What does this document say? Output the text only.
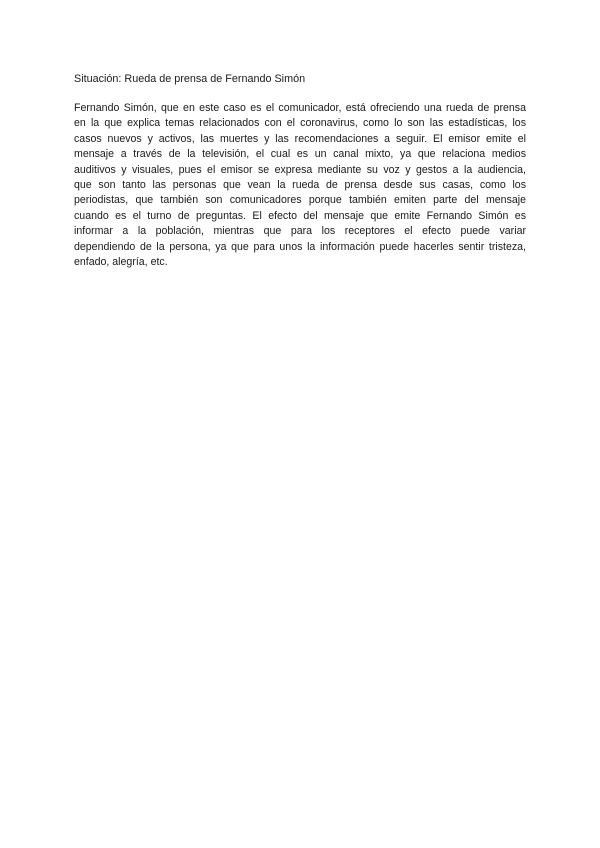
Situación: Rueda de prensa de Fernando Simón

Fernando Simón, que en este caso es el comunicador, está ofreciendo una rueda de prensa
en la que explica temas relacionados con el coronavirus, como lo son las estadísticas, los
casos nuevos y activos, las muertes y las recomendaciones a seguir. El emisor emite el
mensaje a través de la televisión, el cual es un canal mixto, ya que relaciona medios
auditivos y visuales, pues el emisor se expresa mediante su voz y gestos a la audiencia,
que son tanto las personas que vean la rueda de prensa desde sus casas, como los
periodistas, que también son comunicadores porque también emiten parte del mensaje
cuando es el turno de preguntas. El efecto del mensaje que emite Fernando Simón es
informar a la población, mientras que para los receptores el efecto puede variar
dependiendo de la persona, ya que para unos la información puede hacerles sentir tristeza,
enfado, alegría, etc.
